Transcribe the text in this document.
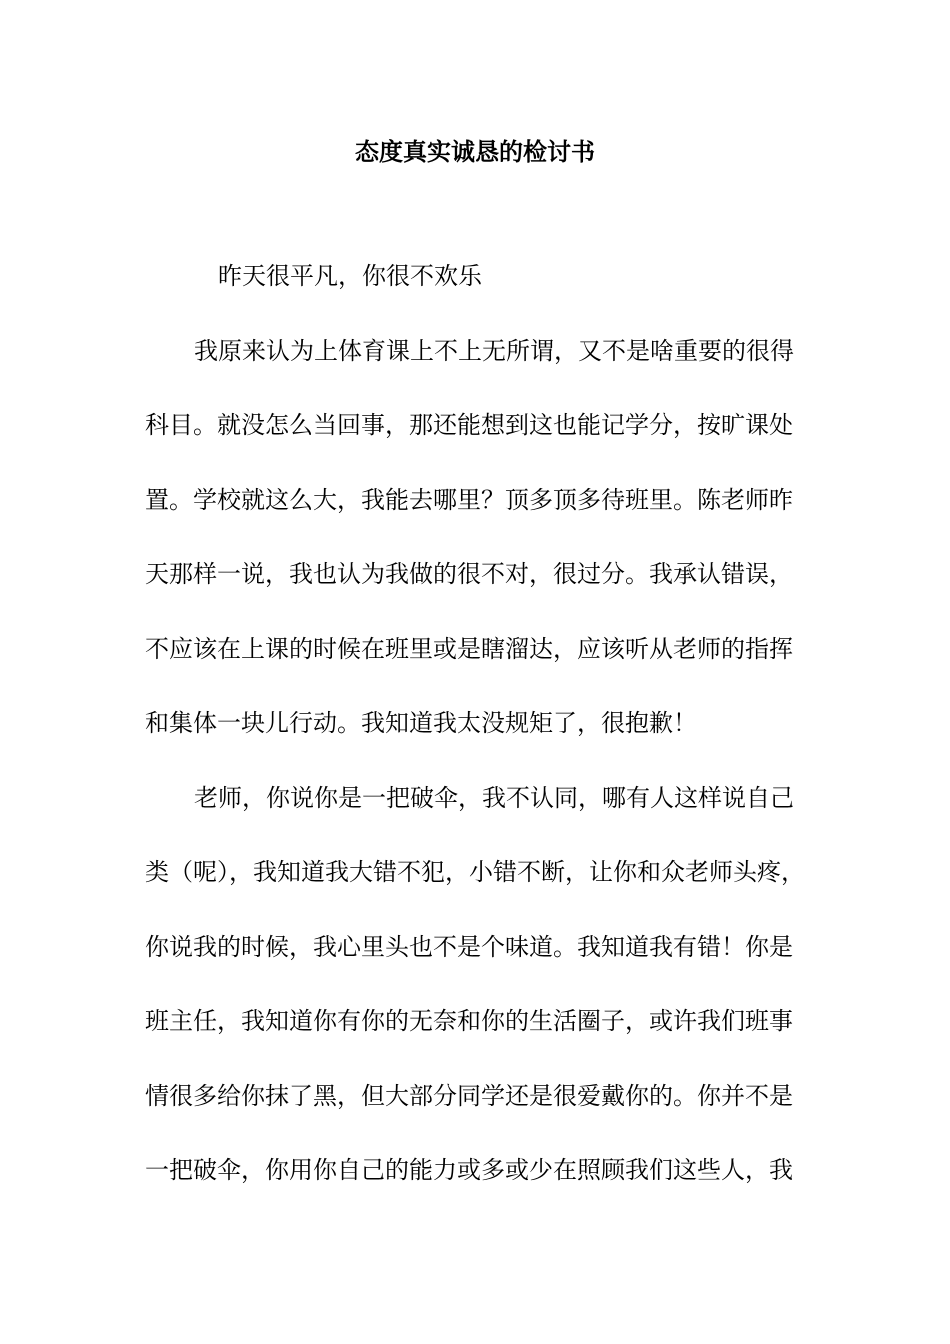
态度真实诚恳的检讨书
昨天很平凡，你很不欢乐
我原来认为上体育课上不上无所谓，又不是啥重要的很得
科目。就没怎么当回事，那还能想到这也能记学分，按旷课处
置。学校就这么大，我能去哪里？顶多顶多待班里。陈老师昨
天那样一说，我也认为我做的很不对，很过分。我承认错误，
不应该在上课的时候在班里或是瞎溜达，应该听从老师的指挥
和集体一块儿行动。我知道我太没规矩了，很抱歉！
老师，你说你是一把破伞，我不认同，哪有人这样说自己
类（呢），我知道我大错不犯，小错不断，让你和众老师头疼，
你说我的时候，我心里头也不是个味道。我知道我有错！你是
班主任，我知道你有你的无奈和你的生活圈子，或许我们班事
情很多给你抹了黑，但大部分同学还是很爱戴你的。你并不是
一把破伞，你用你自己的能力或多或少在照顾我们这些人，我
